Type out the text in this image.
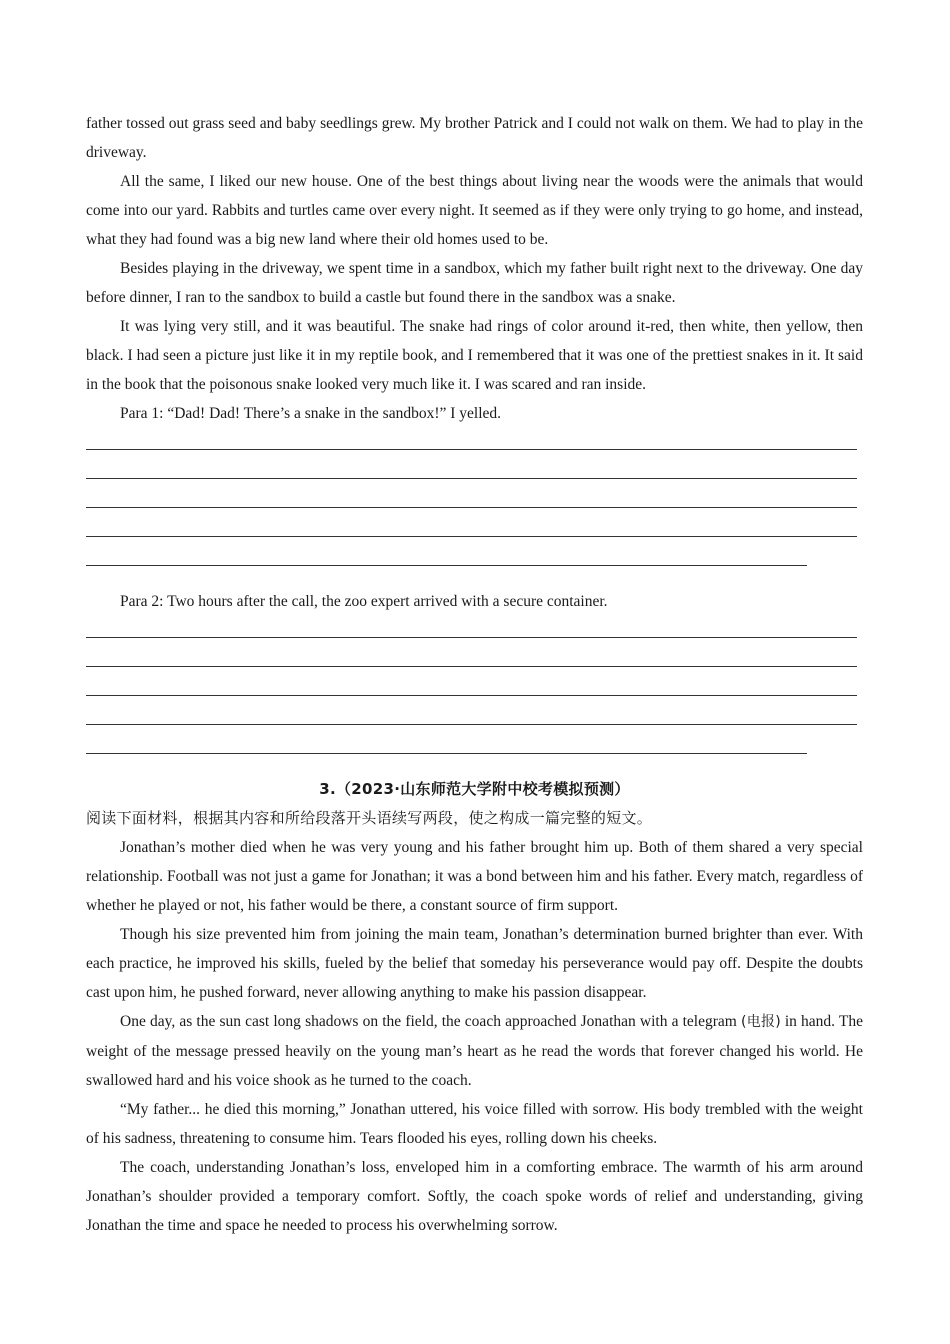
father tossed out grass seed and baby seedlings grew. My brother Patrick and I could not walk on them. We had to play in the driveway.

All the same, I liked our new house. One of the best things about living near the woods were the animals that would come into our yard. Rabbits and turtles came over every night. It seemed as if they were only trying to go home, and instead, what they had found was a big new land where their old homes used to be.

Besides playing in the driveway, we spent time in a sandbox, which my father built right next to the driveway. One day before dinner, I ran to the sandbox to build a castle but found there in the sandbox was a snake.

It was lying very still, and it was beautiful. The snake had rings of color around it-red, then white, then yellow, then black. I had seen a picture just like it in my reptile book, and I remembered that it was one of the prettiest snakes in it. It said in the book that the poisonous snake looked very much like it. I was scared and ran inside.

Para 1: “Dad! Dad! There’s a snake in the sandbox!” I yelled.

Para 2: Two hours after the call, the zoo expert arrived with a secure container.

3.（2023·山东师范大学附中校考模拟预测）

阅读下面材料，根据其内容和所给段落开头语续写两段，使之构成一篇完整的短文。

Jonathan’s mother died when he was very young and his father brought him up. Both of them shared a very special relationship. Football was not just a game for Jonathan; it was a bond between him and his father. Every match, regardless of whether he played or not, his father would be there, a constant source of firm support.

Though his size prevented him from joining the main team, Jonathan’s determination burned brighter than ever. With each practice, he improved his skills, fueled by the belief that someday his perseverance would pay off. Despite the doubts cast upon him, he pushed forward, never allowing anything to make his passion disappear.

One day, as the sun cast long shadows on the field, the coach approached Jonathan with a telegram (电报) in hand. The weight of the message pressed heavily on the young man’s heart as he read the words that forever changed his world. He swallowed hard and his voice shook as he turned to the coach.

“My father... he died this morning,” Jonathan uttered, his voice filled with sorrow. His body trembled with the weight of his sadness, threatening to consume him. Tears flooded his eyes, rolling down his cheeks.

The coach, understanding Jonathan’s loss, enveloped him in a comforting embrace. The warmth of his arm around Jonathan’s shoulder provided a temporary comfort. Softly, the coach spoke words of relief and understanding, giving Jonathan the time and space he needed to process his overwhelming sorrow.
